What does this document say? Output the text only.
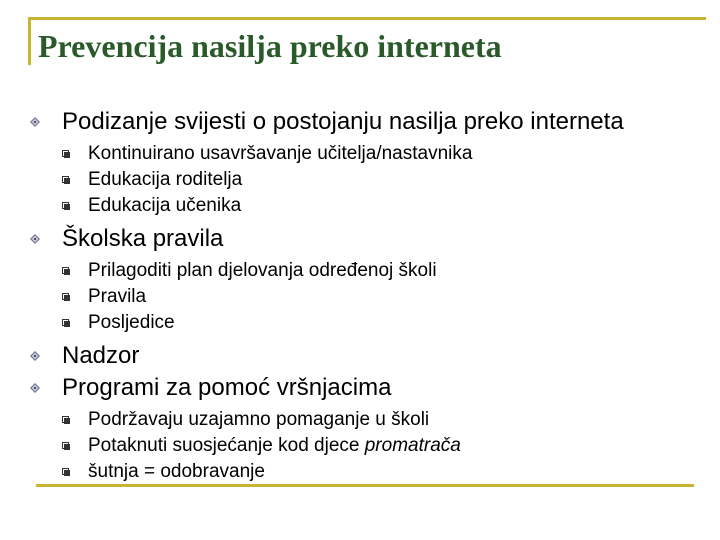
Prevencija nasilja preko interneta
Podizanje svijesti o postojanju nasilja preko interneta
Kontinuirano usavršavanje učitelja/nastavnika
Edukacija roditelja
Edukacija učenika
Školska pravila
Prilagoditi plan djelovanja određenoj školi
Pravila
Posljedice
Nadzor
Programi za pomoć vršnjacima
Podržavaju uzajamno pomaganje u školi
Potaknuti suosjećanje kod djece promatrača
šutnja = odobravanje
